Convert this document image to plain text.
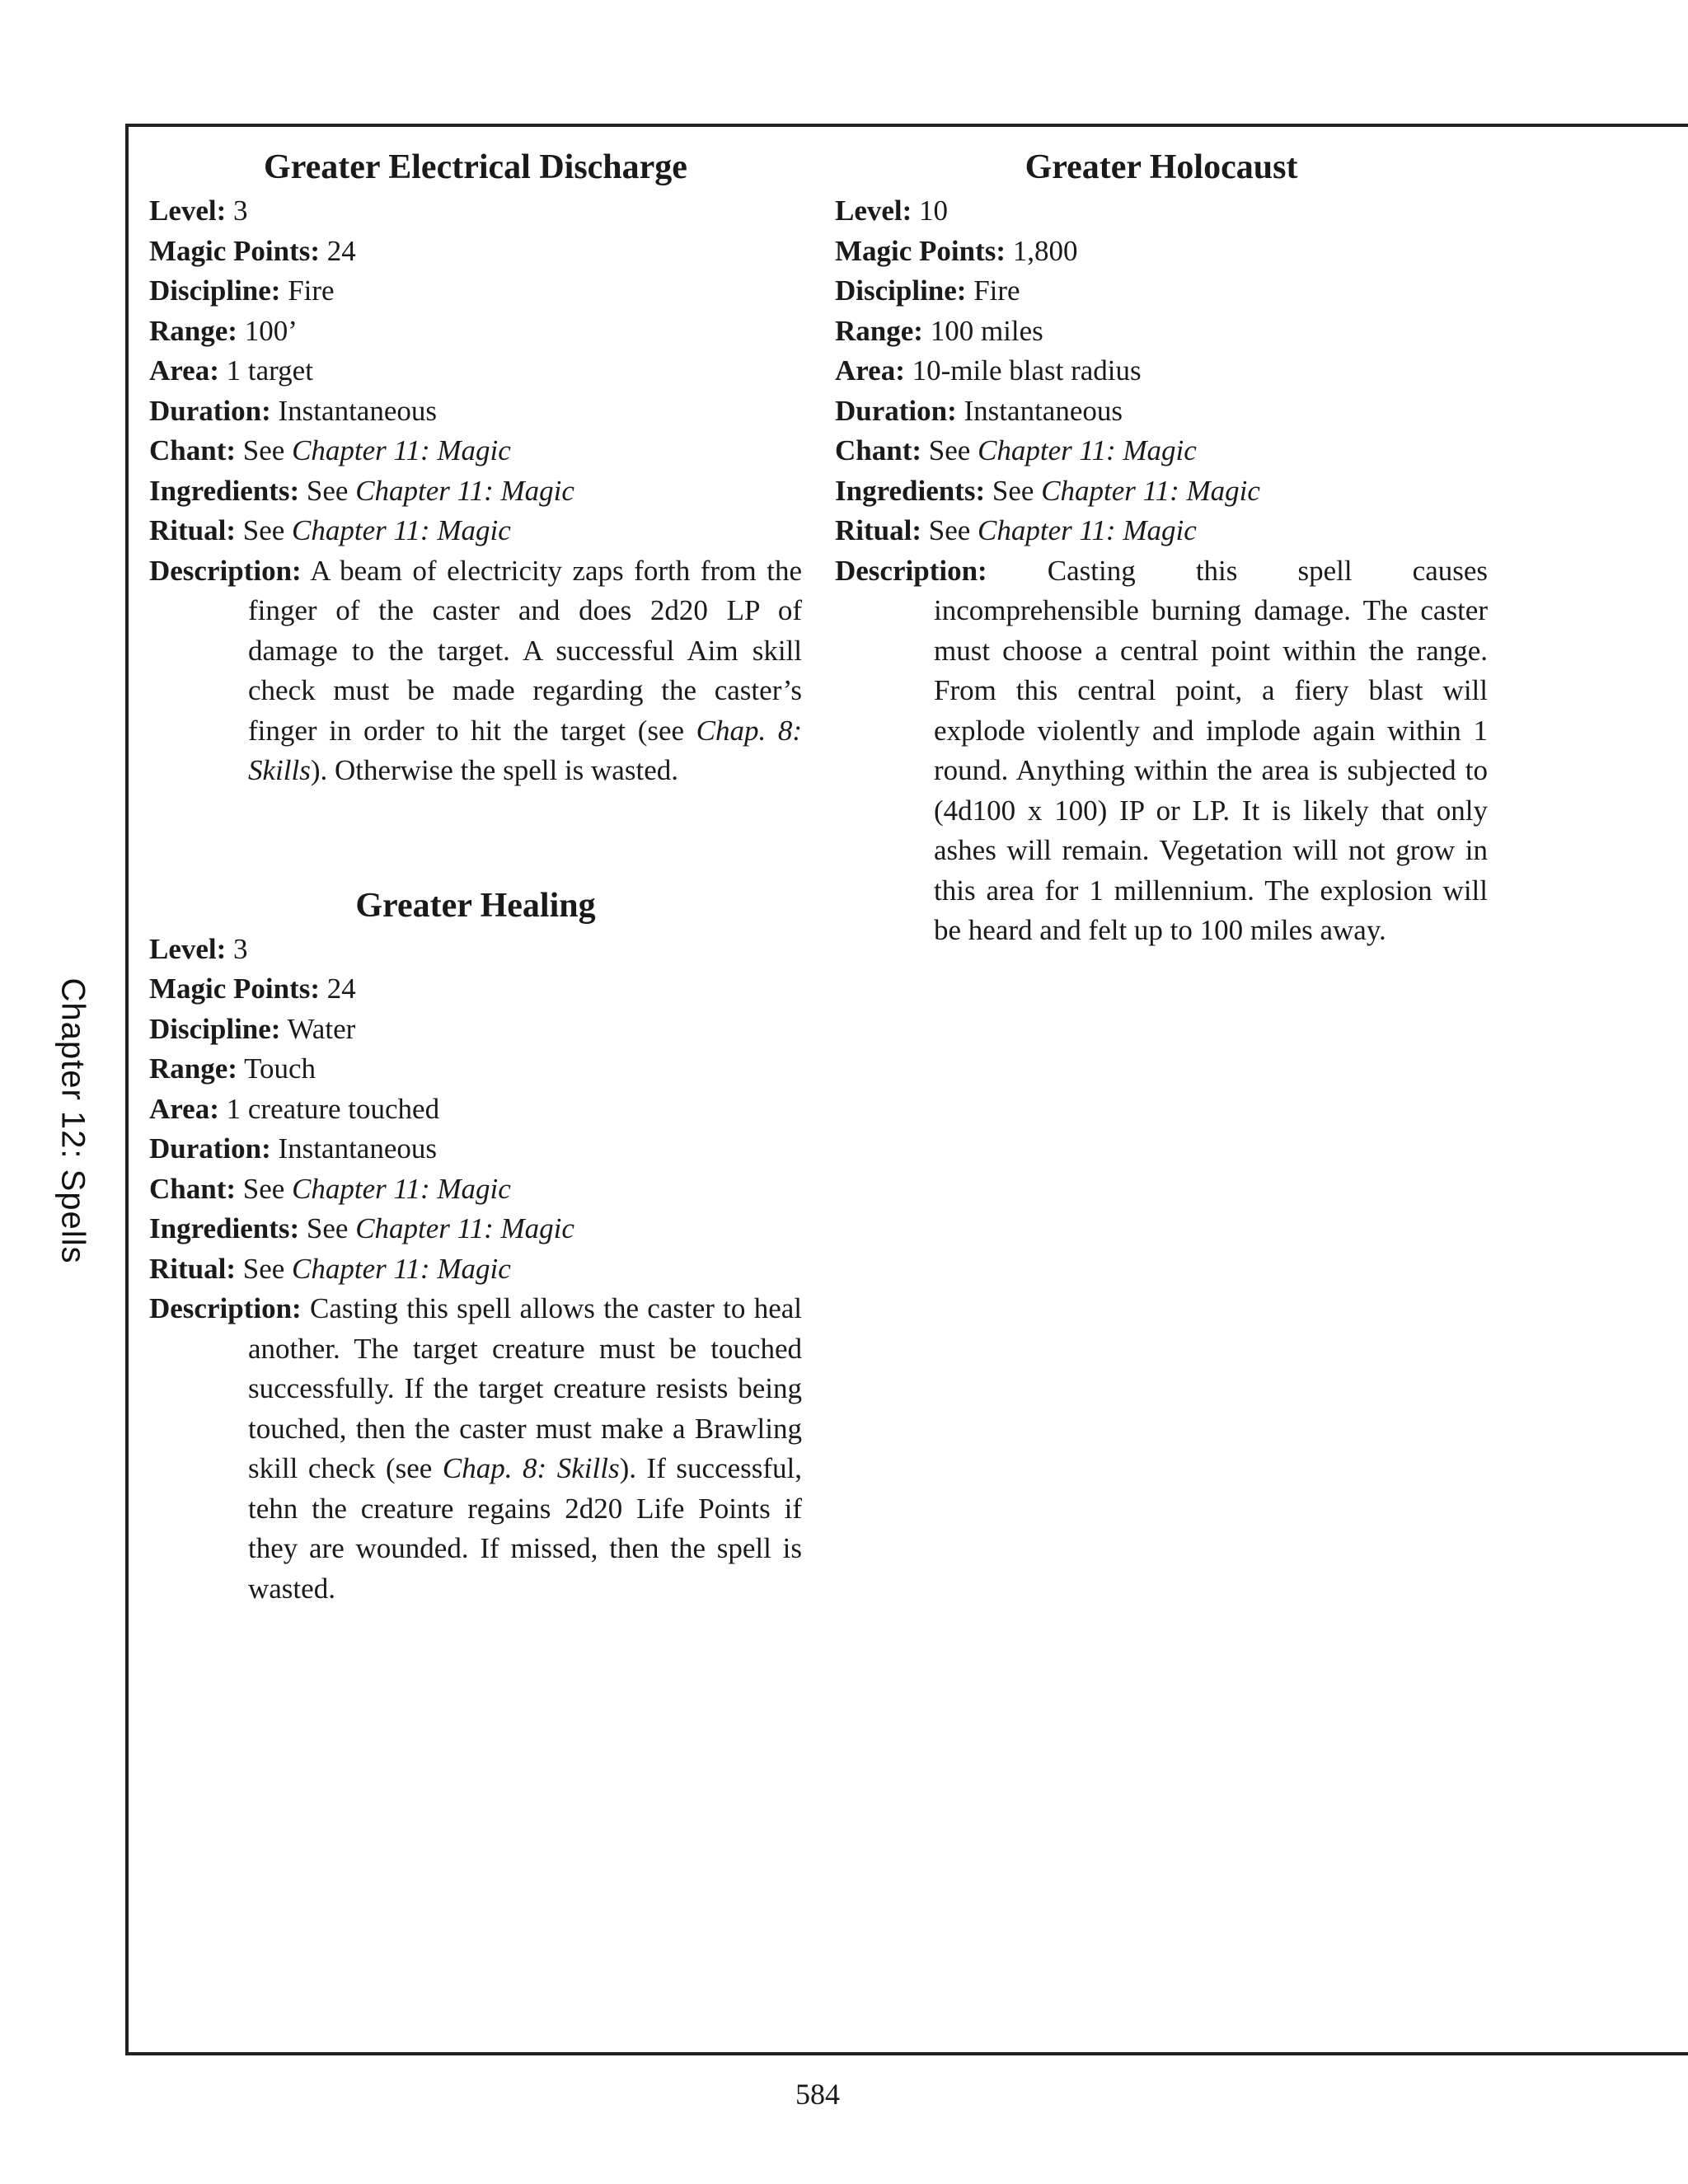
Chapter 12: Spells
Greater Electrical Discharge

Level: 3

Magic Points: 24

Discipline: Fire

Range: 100’

Area: 1 target

Duration: Instantaneous

Chant: See Chapter 11: Magic

Ingredients: See Chapter 11: Magic

Ritual: See Chapter 11: Magic

Description: A beam of electricity zaps forth from the finger of the caster and does 2d20 LP of damage to the target. A successful Aim skill check must be made regarding the caster’s finger in order to hit the target (see Chap. 8: Skills). Otherwise the spell is wasted.

Greater Healing

Level: 3

Magic Points: 24

Discipline: Water

Range: Touch

Area: 1 creature touched

Duration: Instantaneous

Chant: See Chapter 11: Magic

Ingredients: See Chapter 11: Magic

Ritual: See Chapter 11: Magic

Description: Casting this spell allows the caster to heal another. The target creature must be touched successfully. If the target creature resists being touched, then the caster must make a Brawling skill check (see Chap. 8: Skills). If successful, tehn the creature regains 2d20 Life Points if they are wounded. If missed, then the spell is wasted.

Greater Holocaust

Level: 10

Magic Points: 1,800

Discipline: Fire

Range: 100 miles

Area: 10-mile blast radius

Duration: Instantaneous

Chant: See Chapter 11: Magic

Ingredients: See Chapter 11: Magic

Ritual: See Chapter 11: Magic

Description: Casting this spell causes incomprehensible burning damage. The caster must choose a central point within the range. From this central point, a fiery blast will explode violently and implode again within 1 round. Anything within the area is subjected to (4d100 x 100) IP or LP. It is likely that only ashes will remain. Vegetation will not grow in this area for 1 millennium. The explosion will be heard and felt up to 100 miles away.

584
